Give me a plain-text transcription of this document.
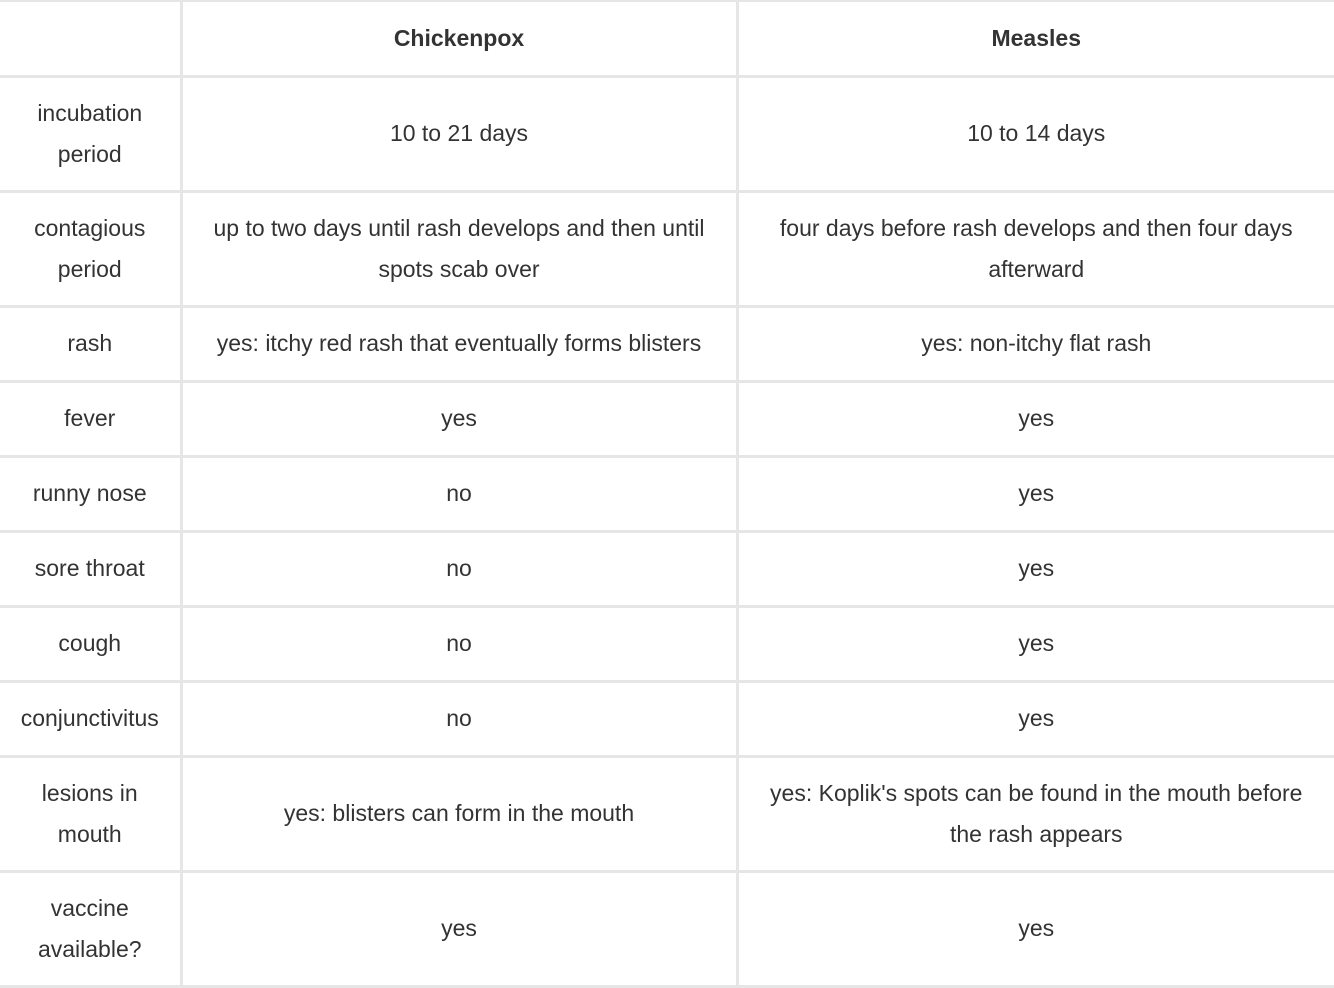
	Chickenpox	Measles
incubation period	10 to 21 days	10 to 14 days
contagious period	up to two days until rash develops and then until spots scab over	four days before rash develops and then four days afterward
rash	yes: itchy red rash that eventually forms blisters	yes: non-itchy flat rash
fever	yes	yes
runny nose	no	yes
sore throat	no	yes
cough	no	yes
conjunctivitus	no	yes
lesions in mouth	yes: blisters can form in the mouth	yes: Koplik's spots can be found in the mouth before the rash appears
vaccine available?	yes	yes
